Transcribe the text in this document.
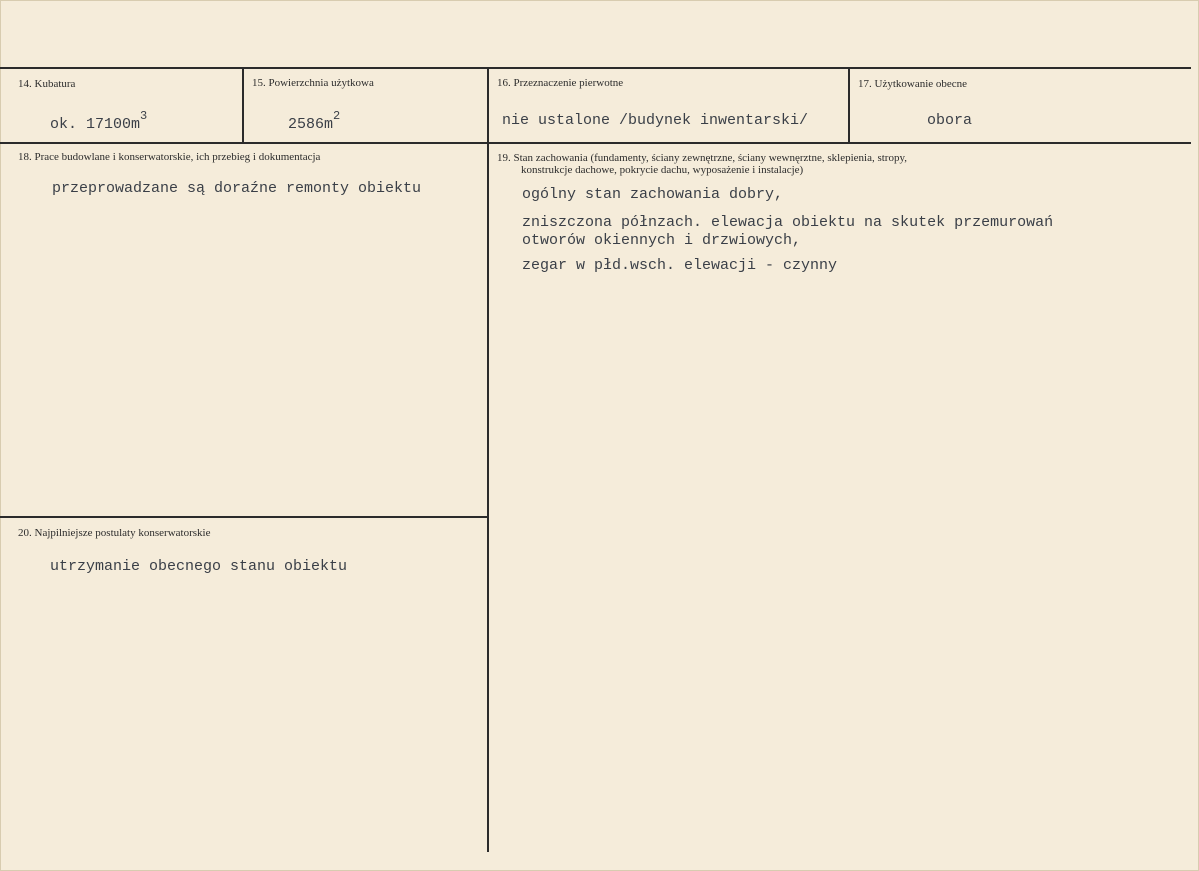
14. Kubatura
ok. $17100m^3$
15. Powierzchnia użytkowa
$2586m^2$
16. Przeznaczenie pierwotne
nie ustalone /budynek inwentarski/
17. Użytkowanie obecne
obora
18. Prace budowlane i konserwatorskie, ich przebieg i dokumentacja
przeprowadzane są doraźne remonty obiektu
19. Stan zachowania (fundamenty, ściany zewnętrzne, ściany wewnęrztne, sklepienia, stropy,
konstrukcje dachowe, pokrycie dachu, wyposażenie i instalacje)
ogólny stan zachowania dobry,
zniszczona półnzach. elewacja obiektu na skutek przemurowań
otworów okiennych i drzwiowych,
zegar w płd.wsch. elewacji - czynny
20. Najpilniejsze postulaty konserwatorskie
utrzymanie obecnego stanu obiektu
